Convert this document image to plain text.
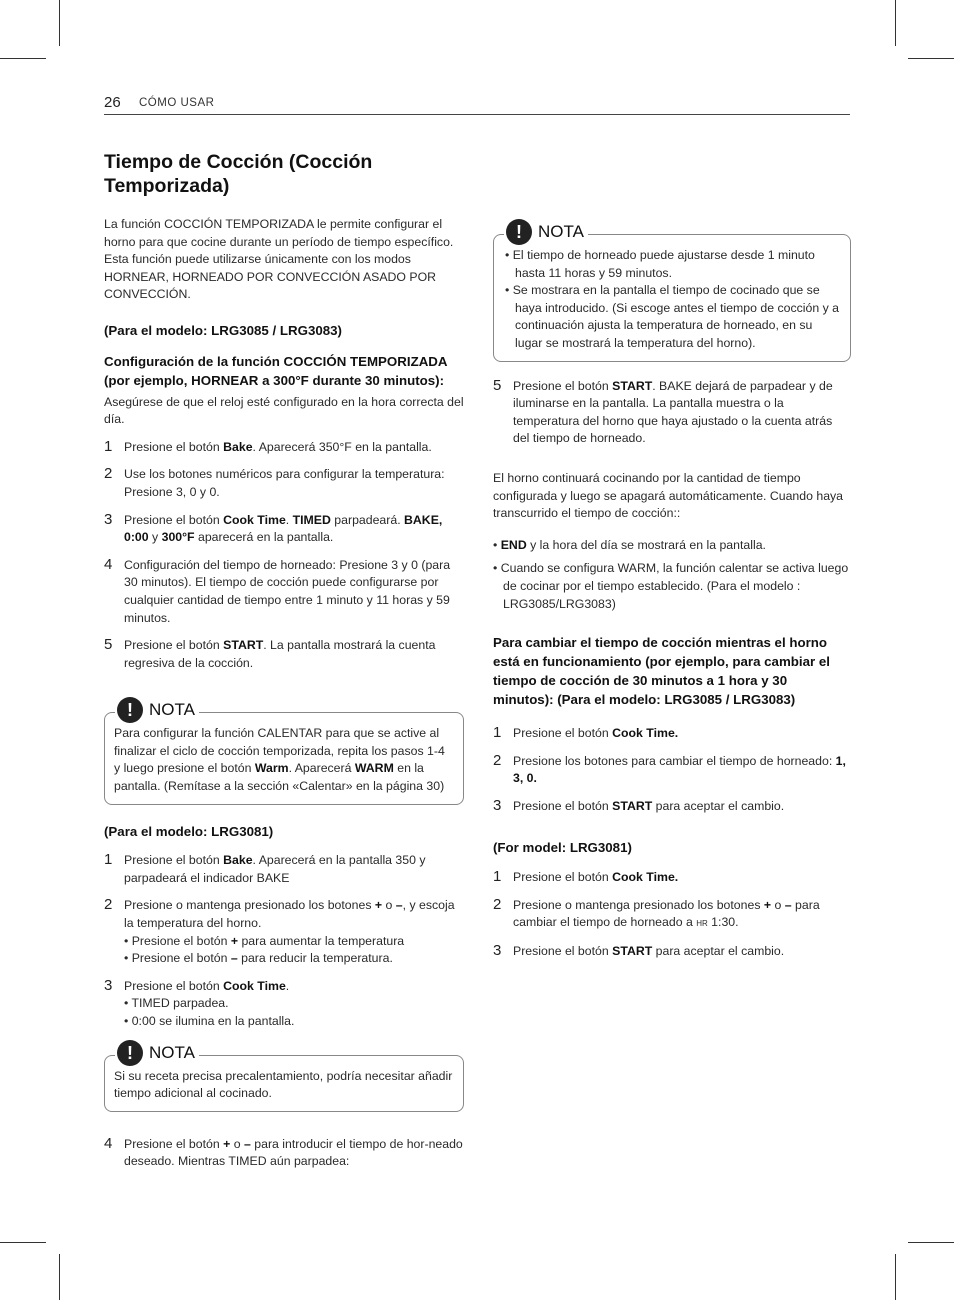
26 CÓMO USAR
Tiempo de Cocción (Cocción Temporizada)

La función COCCIÓN TEMPORIZADA le permite configurar el horno para que cocine durante un período de tiempo específico. Esta función puede utilizarse únicamente con los modos HORNEAR, HORNEADO POR CONVECCIÓN ASADO POR CONVECCIÓN.

(Para el modelo: LRG3085 / LRG3083)
Configuración de la función COCCIÓN TEMPORIZADA (por ejemplo, HORNEAR a 300°F durante 30 minutos):

Asegúrese de que el reloj esté configurado en la hora correcta del día.

1 Presione el botón Bake. Aparecerá 350°F en la pantalla.
2 Use los botones numéricos para configurar la temperatura: Presione 3, 0 y 0.
3 Presione el botón Cook Time. TIMED parpadeará. BAKE, 0:00 y 300°F aparecerá en la pantalla.
4 Configuración del tiempo de horneado: Presione 3 y 0 (para 30 minutos). El tiempo de cocción puede configurarse por cualquier cantidad de tiempo entre 1 minuto y 11 horas y 59 minutos.
5 Presione el botón START. La pantalla mostrará la cuenta regresiva de la cocción.
! NOTA

Para configurar la función CALENTAR para que se active al finalizar el ciclo de cocción temporizada, repita los pasos 1-4 y luego presione el botón Warm. Aparecerá WARM en la pantalla. (Remítase a la sección «Calentar» en la página 30)

(Para el modelo: LRG3081)
1 Presione el botón Bake. Aparecerá en la pantalla 350 y parpadeará el indicador BAKE
2 Presione o mantenga presionado los botones + o –, y escoja la temperatura del horno.

• Presione el botón + para aumentar la temperatura

• Presione el botón – para reducir la temperatura.

3 Presione el botón Cook Time.

• TIMED parpadea.

• 0:00 se ilumina en la pantalla.

! NOTA

Si su receta precisa precalentamiento, podría necesitar añadir tiempo adicional al cocinado.

4 Presione el botón + o – para introducir el tiempo de hor-neado deseado. Mientras TIMED aún parpadea:
! NOTA
• El tiempo de horneado puede ajustarse desde 1 minuto hasta 11 horas y 59 minutos.
• Se mostrara en la pantalla el tiempo de cocinado que se haya introducido. (Si escoge antes el tiempo de cocción y a continuación ajusta la temperatura de horneado, en su lugar se mostrará la temperatura del horno).
5 Presione el botón START. BAKE dejará de parpadear y de iluminarse en la pantalla. La pantalla muestra o la temperatura del horno que haya ajustado o la cuenta atrás del tiempo de horneado.

El horno continuará cocinando por la cantidad de tiempo configurada y luego se apagará automáticamente. Cuando haya transcurrido el tiempo de cocción::

• END y la hora del día se mostrará en la pantalla.

• Cuando se configura WARM, la función calentar se activa luego de cocinar por el tiempo establecido. (Para el modelo : LRG3085/LRG3083)

Para cambiar el tiempo de cocción mientras el horno está en funcionamiento (por ejemplo, para cambiar el tiempo de cocción de 30 minutos a 1 hora y 30 minutos): (Para el modelo: LRG3085 / LRG3083)
1 Presione el botón Cook Time.
2 Presione los botones para cambiar el tiempo de horneado: 1, 3, 0.
3 Presione el botón START para aceptar el cambio.
(For model: LRG3081)
1 Presione el botón Cook Time.
2 Presione o mantenga presionado los botones + o – para cambiar el tiempo de horneado a HR 1:30.
3 Presione el botón START para aceptar el cambio.
